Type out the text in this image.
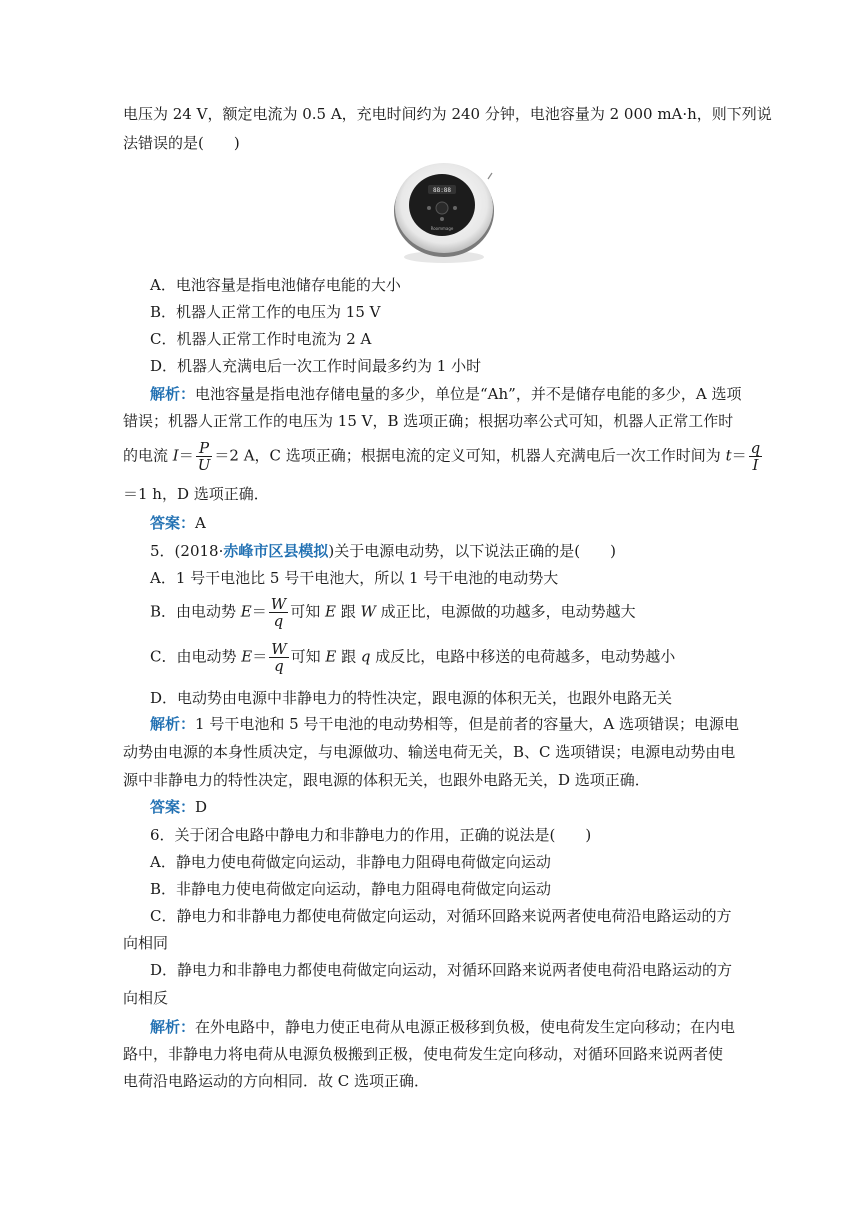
电压为 24 V，额定电流为 0.5 A，充电时间约为 240 分钟，电池容量为 2 000 mA·h，则下列说
法错误的是(　　)
88:88
Roommage
A．电池容量是指电池储存电能的大小
B．机器人正常工作的电压为 15 V
C．机器人正常工作时电流为 2 A
D．机器人充满电后一次工作时间最多约为 1 小时
解析：电池容量是指电池存储电量的多少，单位是“Ah”，并不是储存电能的多少，A 选项
错误；机器人正常工作的电压为 15 V，B 选项正确；根据功率公式可知，机器人正常工作时
的电流 $I= \frac{P}{U} =2$ A，C 选项正确；根据电流的定义可知，机器人充满电后一次工作时间为 $t= \frac{q}{I}$
＝1 h，D 选项正确．
答案：A
5．(2018·赤峰市区县模拟)关于电源电动势，以下说法正确的是(　　)
A．1 号干电池比 5 号干电池大，所以 1 号干电池的电动势大
B．由电动势 $E= \frac{W}{q}$ 可知 E 跟 W 成正比，电源做的功越多，电动势越大
C．由电动势 $E= \frac{W}{q}$ 可知 E 跟 q 成反比，电路中移送的电荷越多，电动势越小
D．电动势由电源中非静电力的特性决定，跟电源的体积无关，也跟外电路无关
解析：1 号干电池和 5 号干电池的电动势相等，但是前者的容量大，A 选项错误；电源电
动势由电源的本身性质决定，与电源做功、输送电荷无关，B、C 选项错误；电源电动势由电
源中非静电力的特性决定，跟电源的体积无关，也跟外电路无关，D 选项正确．
答案：D
6．关于闭合电路中静电力和非静电力的作用，正确的说法是(　　)
A．静电力使电荷做定向运动，非静电力阻碍电荷做定向运动
B．非静电力使电荷做定向运动，静电力阻碍电荷做定向运动
C．静电力和非静电力都使电荷做定向运动，对循环回路来说两者使电荷沿电路运动的方
向相同
D．静电力和非静电力都使电荷做定向运动，对循环回路来说两者使电荷沿电路运动的方
向相反
解析：在外电路中，静电力使正电荷从电源正极移到负极，使电荷发生定向移动；在内电
路中，非静电力将电荷从电源负极搬到正极，使电荷发生定向移动，对循环回路来说两者使
电荷沿电路运动的方向相同．故 C 选项正确．
